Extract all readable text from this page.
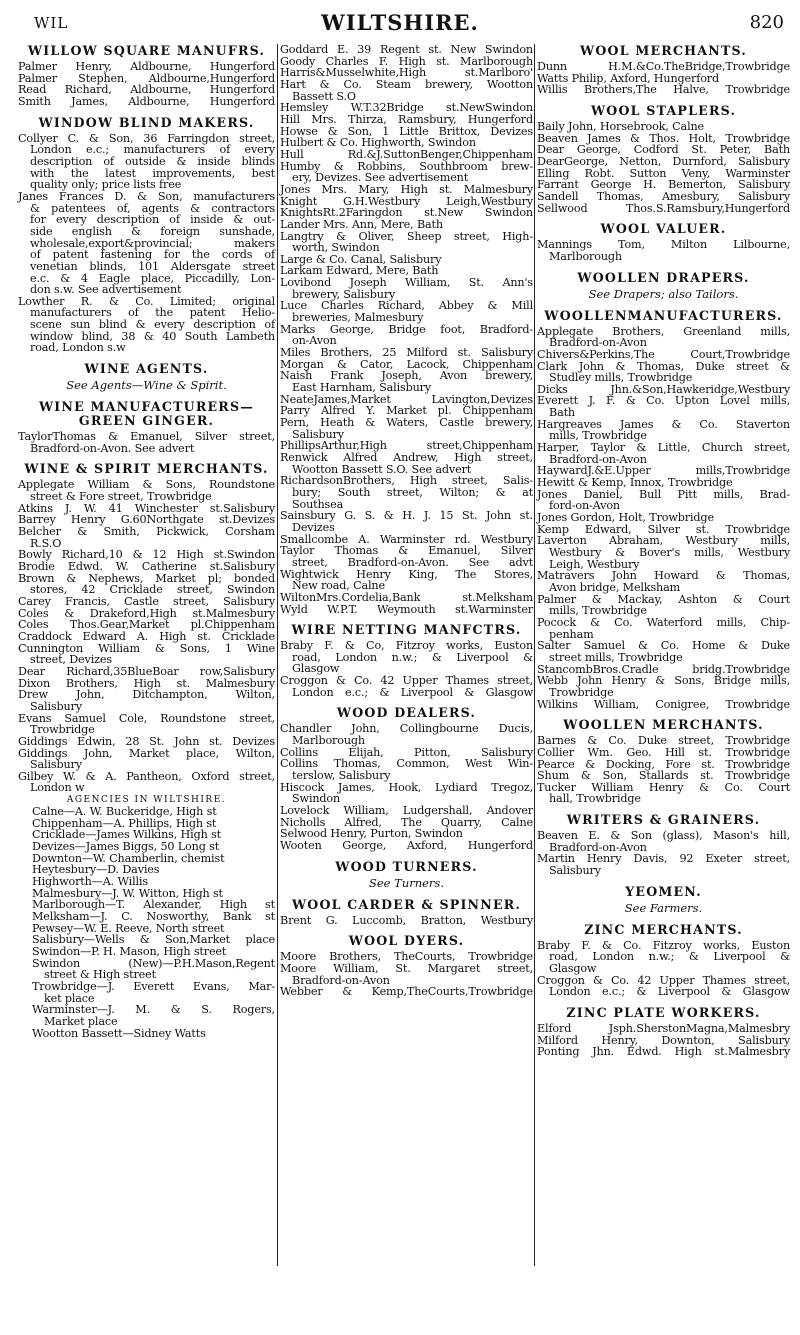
WIL	WILTSHIRE.	820
WILLOW SQUARE MANUFRS.
Palmer Henry, Aldbourne, Hungerford
Palmer Stephen, Aldbourne,Hungerford
Read Richard, Aldbourne, Hungerford
Smith James, Aldbourne, Hungerford
WINDOW BLIND MAKERS.
Collyer C. & Son, 36 Farringdon street,
London e.c.; manufacturers of every
description of outside & inside blinds
with the latest improvements, best
quality only; price lists free
Janes Frances D. & Son, manufacturers
& patentees of, agents & contractors
for every description of inside & out-
side english & foreign sunshade,
wholesale,export&provincial; makers
of patent fastening for the cords of
venetian blinds, 101 Aldersgate street
e.c. & 4 Eagle place, Piccadilly, Lon-
don s.w. See advertisement
Lowther R. & Co. Limited; original
manufacturers of the patent Helio-
scene sun blind & every description of
window blind, 38 & 40 South Lambeth
road, London s.w
WINE AGENTS.
See Agents—Wine & Spirit.
WINE MANUFACTURERS—
GREEN GINGER.
TaylorThomas & Emanuel, Silver street,
Bradford-on-Avon. See advert
WINE & SPIRIT MERCHANTS.
Applegate William & Sons, Roundstone
street & Fore street, Trowbridge
Atkins J. W. 41 Winchester st.Salisbury
Barrey Henry G.60Northgate st.Devizes
Belcher & Smith, Pickwick, Corsham
R.S.O
Bowly Richard,10 & 12 High st.Swindon
Brodie Edwd. W. Catherine st.Salisbury
Brown & Nephews, Market pl; bonded
stores, 42 Cricklade street, Swindon
Carey Francis, Castle street, Salisbury
Coles & Drakeford,High st.Malmesbury
Coles Thos.Gear,Market pl.Chippenham
Craddock Edward A. High st. Cricklade
Cunnington William & Sons, 1 Wine
street, Devizes
Dear Richard,35BlueBoar row,Salisbury
Dixon Brothers, High st. Malmesbury
Drew John, Ditchampton, Wilton,
Salisbury
Evans Samuel Cole, Roundstone street,
Trowbridge
Giddings Edwin, 28 St. John st. Devizes
Giddings John, Market place, Wilton,
Salisbury
Gilbey W. & A. Pantheon, Oxford street,
London w
AGENCIES IN WILTSHIRE.
Calne—A. W. Buckeridge, High st
Chippenham—A. Phillips, High st
Cricklade—James Wilkins, High st
Devizes—James Biggs, 50 Long st
Downton—W. Chamberlin, chemist
Heytesbury—D. Davies
Highworth—A. Willis
Malmesbury—J. W. Witton, High st
Marlborough—T. Alexander, High st
Melksham—J. C. Nosworthy, Bank st
Pewsey—W. E. Reeve, North street
Salisbury—Wells & Son,Market place
Swindon—P. H. Mason, High street
Swindon (New)—P.H.Mason,Regent
street & High street
Trowbridge—J. Everett Evans, Mar-
ket place
Warminster—J. M. & S. Rogers,
Market place
Wootton Bassett—Sidney Watts
Goddard E. 39 Regent st. New Swindon
Goody Charles F. High st. Marlborough
Harris&Musselwhite,High st.Marlboro'
Hart & Co. Steam brewery, Wootton
Bassett S.O
Hemsley W.T.32Bridge st.NewSwindon
Hill Mrs. Thirza, Ramsbury, Hungerford
Howse & Son, 1 Little Brittox, Devizes
Hulbert & Co. Highworth, Swindon
Hull Rd.&J.SuttonBenger,Chippenham
Humby & Robbins, Southbroom brew-
ery, Devizes. See advertisement
Jones Mrs. Mary, High st. Malmesbury
Knight G.H.Westbury Leigh,Westbury
KnightsRt.2Faringdon st.New Swindon
Lander Mrs. Ann, Mere, Bath
Langtry & Oliver, Sheep street, High-
worth, Swindon
Large & Co. Canal, Salisbury
Larkam Edward, Mere, Bath
Lovibond Joseph William, St. Ann's
brewery, Salisbury
Luce Charles Richard, Abbey & Mill
breweries, Malmesbury
Marks George, Bridge foot, Bradford-
on-Avon
Miles Brothers, 25 Milford st. Salisbury
Morgan & Cator, Lacock, Chippenham
Naish Frank Joseph, Avon brewery,
East Harnham, Salisbury
NeateJames,Market Lavington,Devizes
Parry Alfred Y. Market pl. Chippenham
Pern, Heath & Waters, Castle brewery,
Salisbury
PhillipsArthur,High street,Chippenham
Renwick Alfred Andrew, High street,
Wootton Bassett S.O. See advert
RichardsonBrothers, High street, Salis-
bury; South street, Wilton; & at
Southsea
Sainsbury G. S. & H. J. 15 St. John st.
Devizes
Smallcombe A. Warminster rd. Westbury
Taylor Thomas & Emanuel, Silver
street, Bradford-on-Avon. See advt
Wightwick Henry King, The Stores,
New road, Calne
WiltonMrs.Cordelia,Bank st.Melksham
Wyld W.P.T. Weymouth st.Warminster
WIRE NETTING MANFCTRS.
Braby F. & Co, Fitzroy works, Euston
road, London n.w.; & Liverpool &
Glasgow
Croggon & Co. 42 Upper Thames street,
London e.c.; & Liverpool & Glasgow
WOOD DEALERS.
Chandler John, Collingbourne Ducis,
Marlborough
Collins Elijah, Pitton, Salisbury
Collins Thomas, Common, West Win-
terslow, Salisbury
Hiscock James, Hook, Lydiard Tregoz,
Swindon
Lovelock William, Ludgershall, Andover
Nicholls Alfred, The Quarry, Calne
Selwood Henry, Purton, Swindon
Wooten George, Axford, Hungerford
WOOD TURNERS.
See Turners.
WOOL CARDER & SPINNER.
Brent G. Luccomb, Bratton, Westbury
WOOL DYERS.
Moore Brothers, TheCourts, Trowbridge
Moore William, St. Margaret street,
Bradford-on-Avon
Webber & Kemp,TheCourts,Trowbridge
WOOL MERCHANTS.
Dunn H.M.&Co.TheBridge,Trowbridge
Watts Philip, Axford, Hungerford
Willis Brothers,The Halve, Trowbridge
WOOL STAPLERS.
Baily John, Horsebrook, Calne
Beaven James & Thos. Holt, Trowbridge
Dear George, Codford St. Peter, Bath
DearGeorge, Netton, Durnford, Salisbury
Elling Robt. Sutton Veny, Warminster
Farrant George H. Bemerton, Salisbury
Sandell Thomas, Amesbury, Salisbury
Sellwood Thos.S.Ramsbury,Hungerford
WOOL VALUER.
Mannings Tom, Milton Lilbourne,
Marlborough
WOOLLEN DRAPERS.
See Drapers; also Tailors.
WOOLLENMANUFACTURERS.
Applegate Brothers, Greenland mills,
Bradford-on-Avon
Chivers&Perkins,The Court,Trowbridge
Clark John & Thomas, Duke street &
Studley mills, Trowbridge
Dicks Jhn.&Son,Hawkeridge,Westbury
Everett J. F. & Co. Upton Lovel mills,
Bath
Hargreaves James & Co. Staverton
mills, Trowbridge
Harper, Taylor & Little, Church street,
Bradford-on-Avon
HaywardJ.&E.Upper mills,Trowbridge
Hewitt & Kemp, Innox, Trowbridge
Jones Daniel, Bull Pitt mills, Brad-
ford-on-Avon
Jones Gordon, Holt, Trowbridge
Kemp Edward, Silver st. Trowbridge
Laverton Abraham, Westbury mills,
Westbury & Bover's mills, Westbury
Leigh, Westbury
Matravers John Howard & Thomas,
Avon bridge, Melksham
Palmer & Mackay, Ashton & Court
mills, Trowbridge
Pocock & Co. Waterford mills, Chip-
penham
Salter Samuel & Co. Home & Duke
street mills, Trowbridge
StancombBros.Cradle bridg.Trowbridge
Webb John Henry & Sons, Bridge mills,
Trowbridge
Wilkins William, Conigree, Trowbridge
WOOLLEN MERCHANTS.
Barnes & Co. Duke street, Trowbridge
Collier Wm. Geo. Hill st. Trowbridge
Pearce & Docking, Fore st. Trowbridge
Shum & Son, Stallards st. Trowbridge
Tucker William Henry & Co. Court
hall, Trowbridge
WRITERS & GRAINERS.
Beaven E. & Son (glass), Mason's hill,
Bradford-on-Avon
Martin Henry Davis, 92 Exeter street,
Salisbury
YEOMEN.
See Farmers.
ZINC MERCHANTS.
Braby F. & Co. Fitzroy works, Euston
road, London n.w.; & Liverpool &
Glasgow
Croggon & Co. 42 Upper Thames street,
London e.c.; & Liverpool & Glasgow
ZINC PLATE WORKERS.
Elford Jsph.SherstonMagna,Malmesbry
Milford Henry, Downton, Salisbury
Ponting Jhn. Edwd. High st.Malmesbry
